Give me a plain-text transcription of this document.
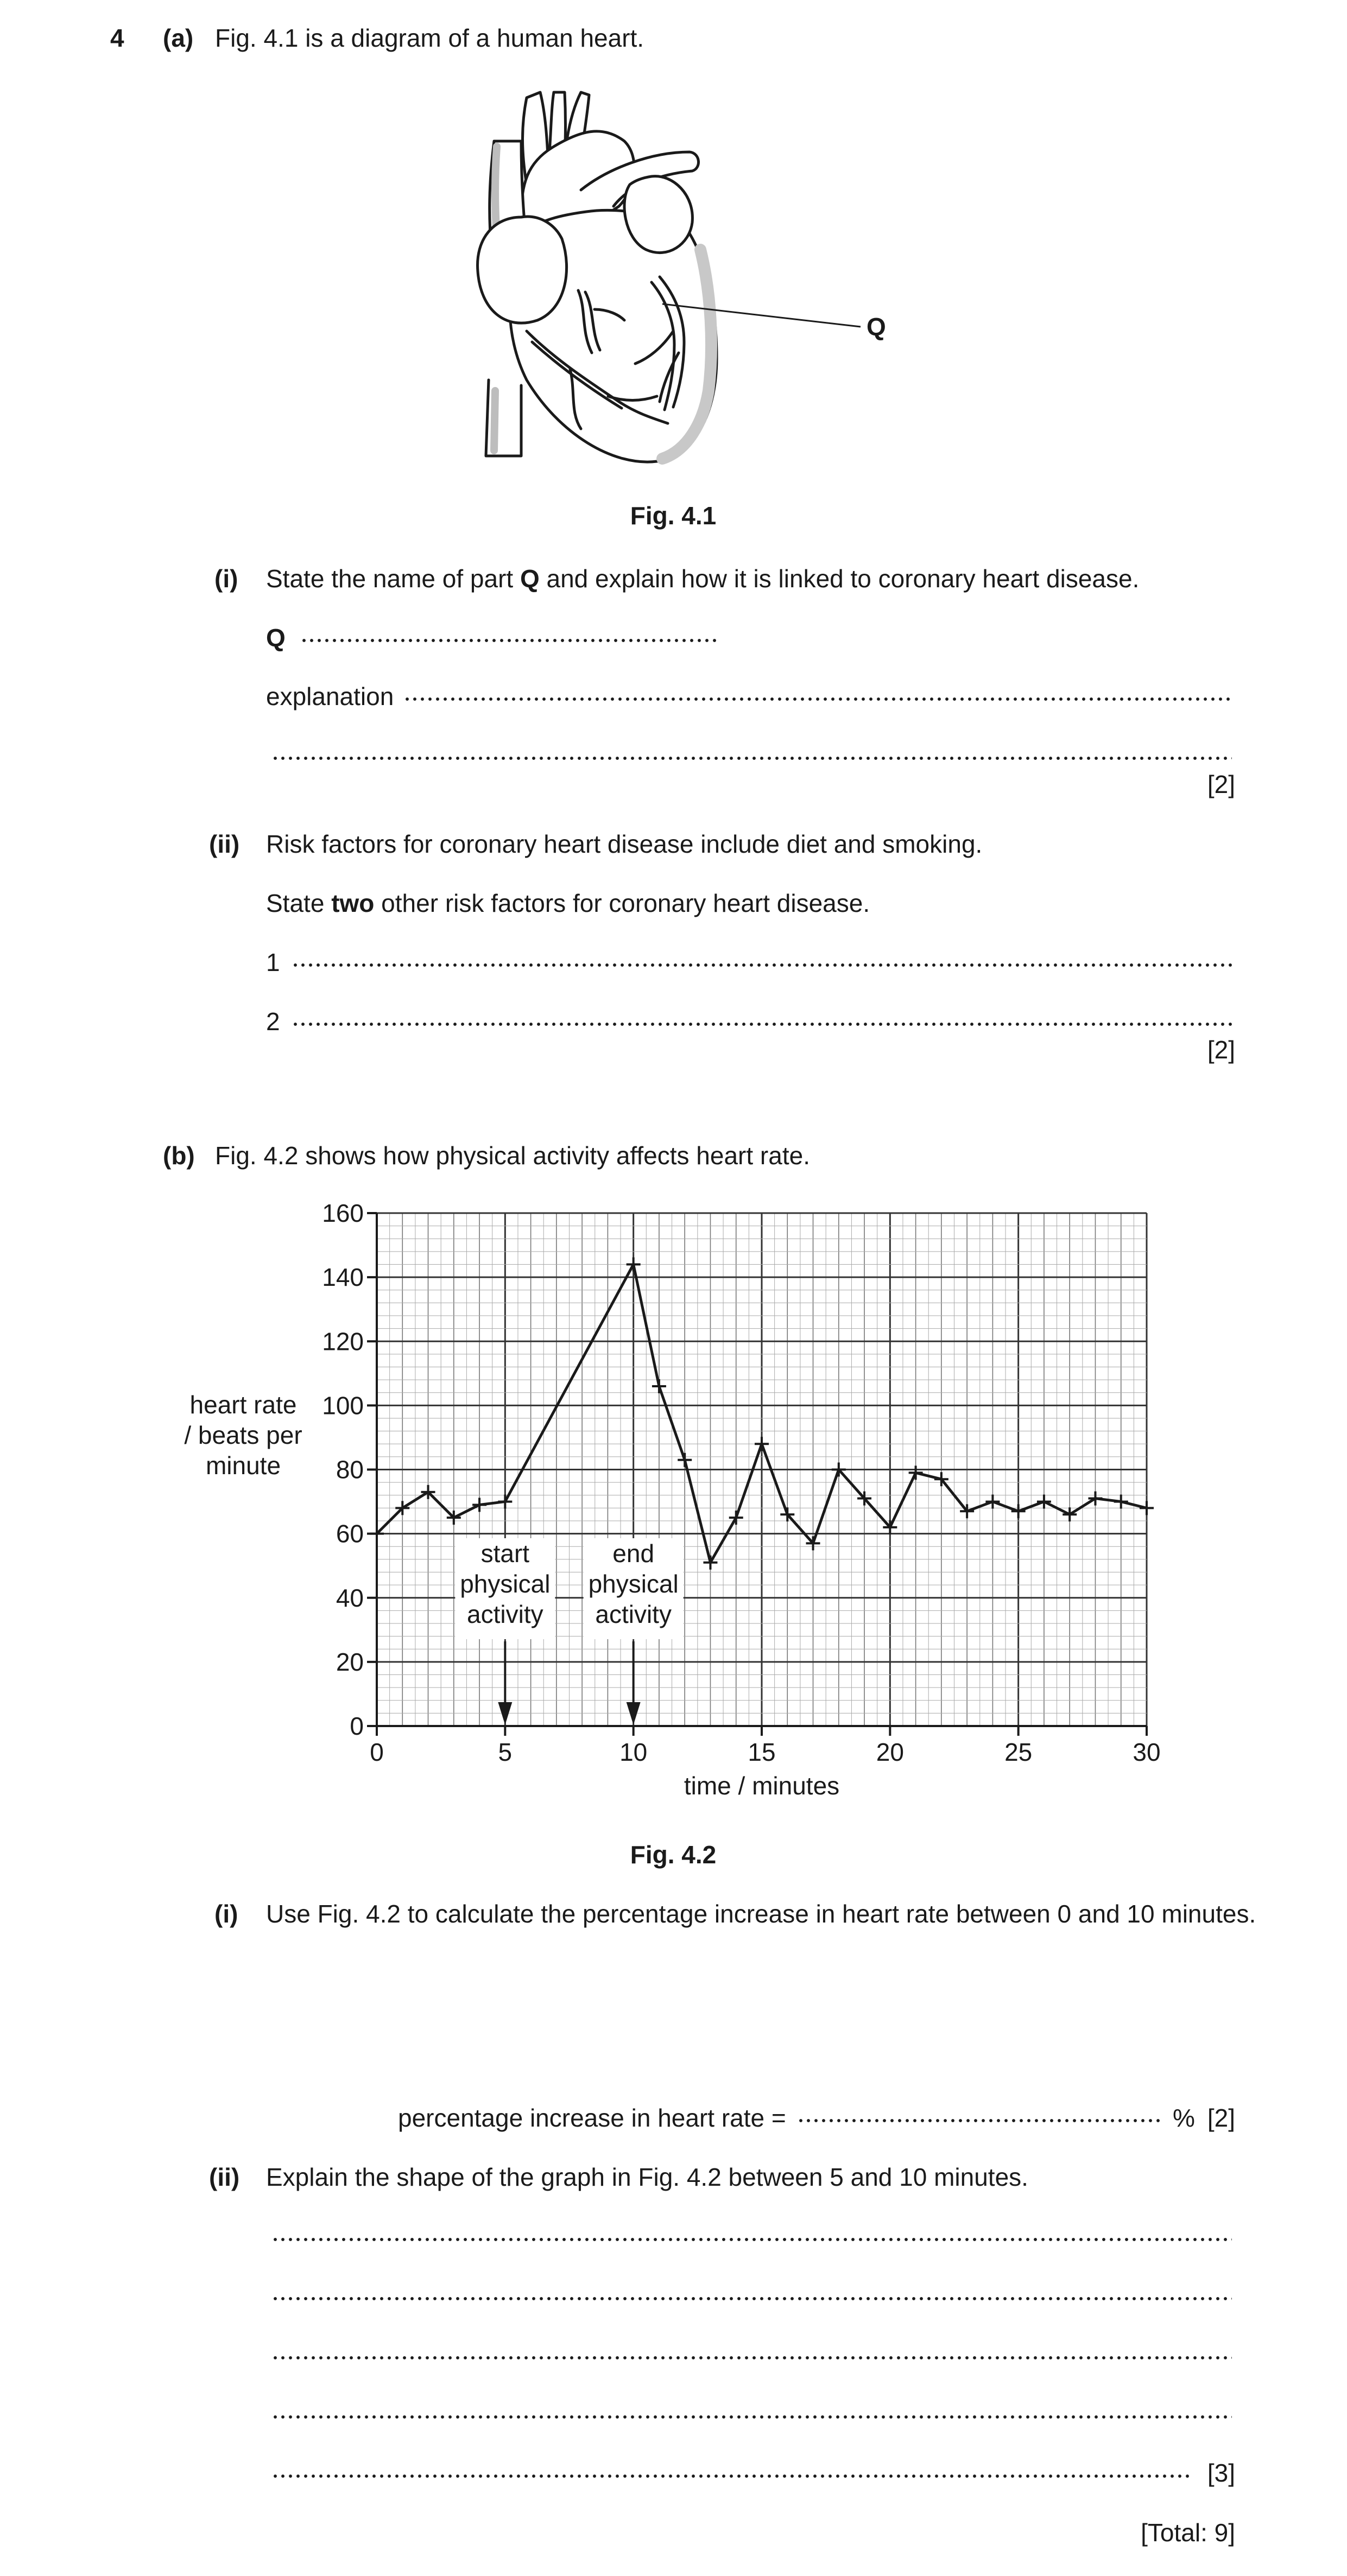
4 (a) Fig. 4.1 is a diagram of a human heart.
Q
Fig. 4.1
(i) State the name of part Q and explain how it is linked to coronary heart disease.
Q
explanation
[2]
(ii) Risk factors for coronary heart disease include diet and smoking.
State two other risk factors for coronary heart disease.
1
2
[2]
(b) Fig. 4.2 shows how physical activity affects heart rate.
0	5	10	15	20	25	30
0
20
40
60
80
100
120
140
160
start
physical
activity
end
physical
activity
heart rate
/ beats per
minute
time / minutes
Fig. 4.2
(i) Use Fig. 4.2 to calculate the percentage increase in heart rate between 0 and 10 minutes.
percentage increase in heart rate =	% [2]
(ii) Explain the shape of the graph in Fig. 4.2 between 5 and 10 minutes.
[3]
[Total: 9]
